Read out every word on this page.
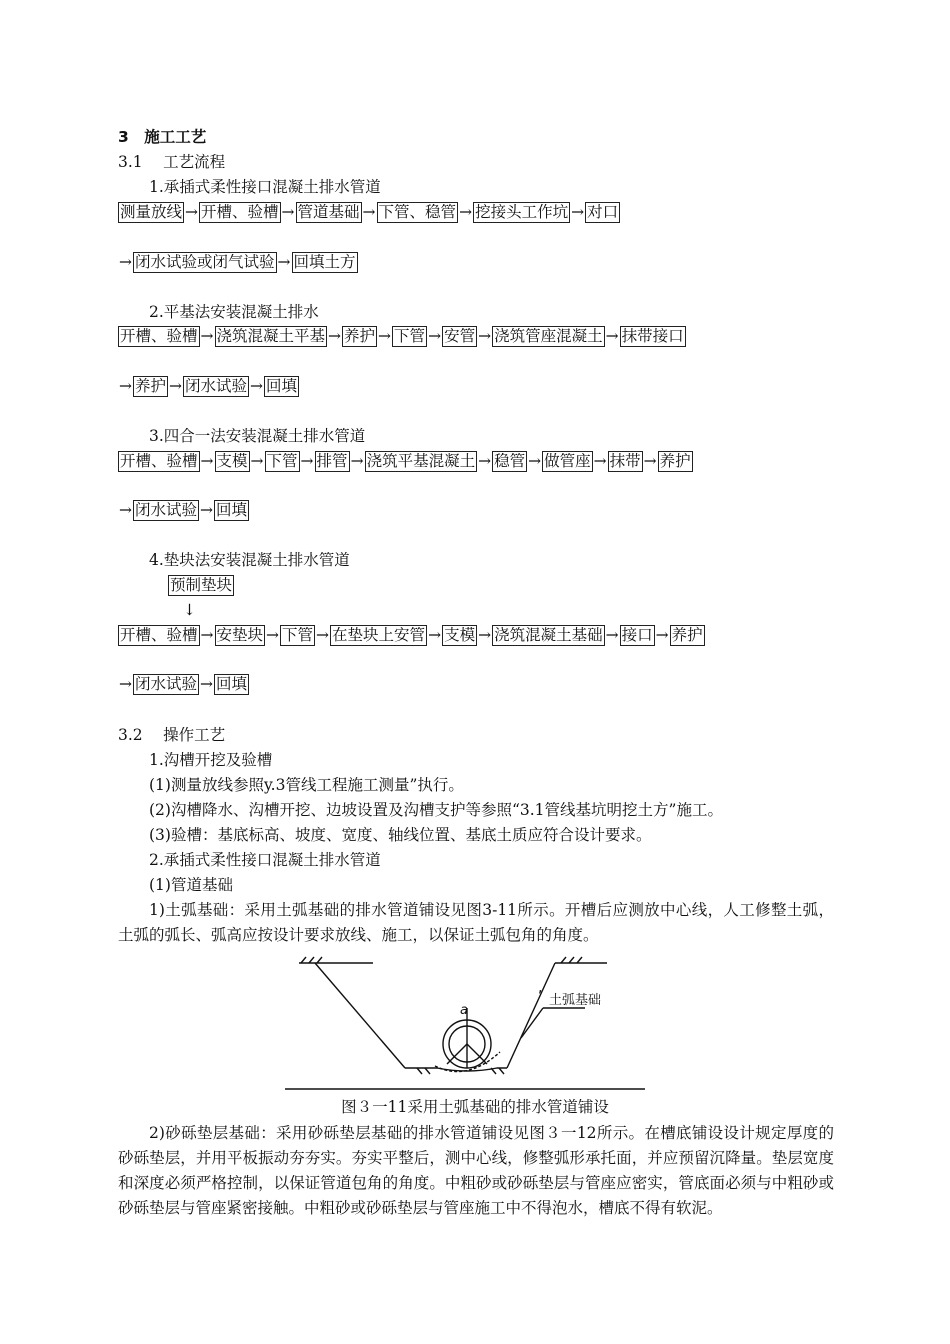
3　施工工艺
3.1　 工艺流程
1.承插式柔性接口混凝土排水管道
测量放线 → 开槽、验槽 → 管道基础 → 下管、稳管 → 挖接头工作坑 → 对口
→ 闭水试验或闭气试验 → 回填土方
2.平基法安装混凝土排水
开槽、验槽 → 浇筑混凝土平基 → 养护 → 下管 → 安管 → 浇筑管座混凝土 → 抹带接口
→ 养护 → 闭水试验 → 回填
3.四合一法安装混凝土排水管道
开槽、验槽 → 支模 → 下管 → 排管 → 浇筑平基混凝土 → 稳管 → 做管座 → 抹带 → 养护
→ 闭水试验 → 回填
4.垫块法安装混凝土排水管道
预制垫块
↓
开槽、验槽 → 安垫块 → 下管 → 在垫块上安管 → 支模 → 浇筑混凝土基础 → 接口 → 养护
→ 闭水试验 → 回填
3.2　 操作工艺
1.沟槽开挖及验槽
(1)测量放线参照y.3管线工程施工测量”执行。
(2)沟槽降水、沟槽开挖、边坡设置及沟槽支护等参照“3.1管线基坑明挖土方”施工。
(3)验槽：基底标高、坡度、宽度、轴线位置、基底土质应符合设计要求。
2.承插式柔性接口混凝土排水管道
(1)管道基础
1)土弧基础：采用土弧基础的排水管道铺设见图3-11所示。开槽后应测放中心线，人工修整土弧，土弧的弧长、弧高应按设计要求放线、施工，以保证土弧包角的角度。
,
a
土弧基础
图３一11采用土弧基础的排水管道铺设
2)砂砾垫层基础：采用砂砾垫层基础的排水管道铺设见图３一12所示。在槽底铺设设计规定厚度的砂砾垫层，并用平板振动夯夯实。夯实平整后，测中心线，修整弧形承托面，并应预留沉降量。垫层宽度和深度必须严格控制，以保证管道包角的角度。中粗砂或砂砾垫层与管座应密实，管底面必须与中粗砂或砂砾垫层与管座紧密接触。中粗砂或砂砾垫层与管座施工中不得泡水，槽底不得有软泥。
